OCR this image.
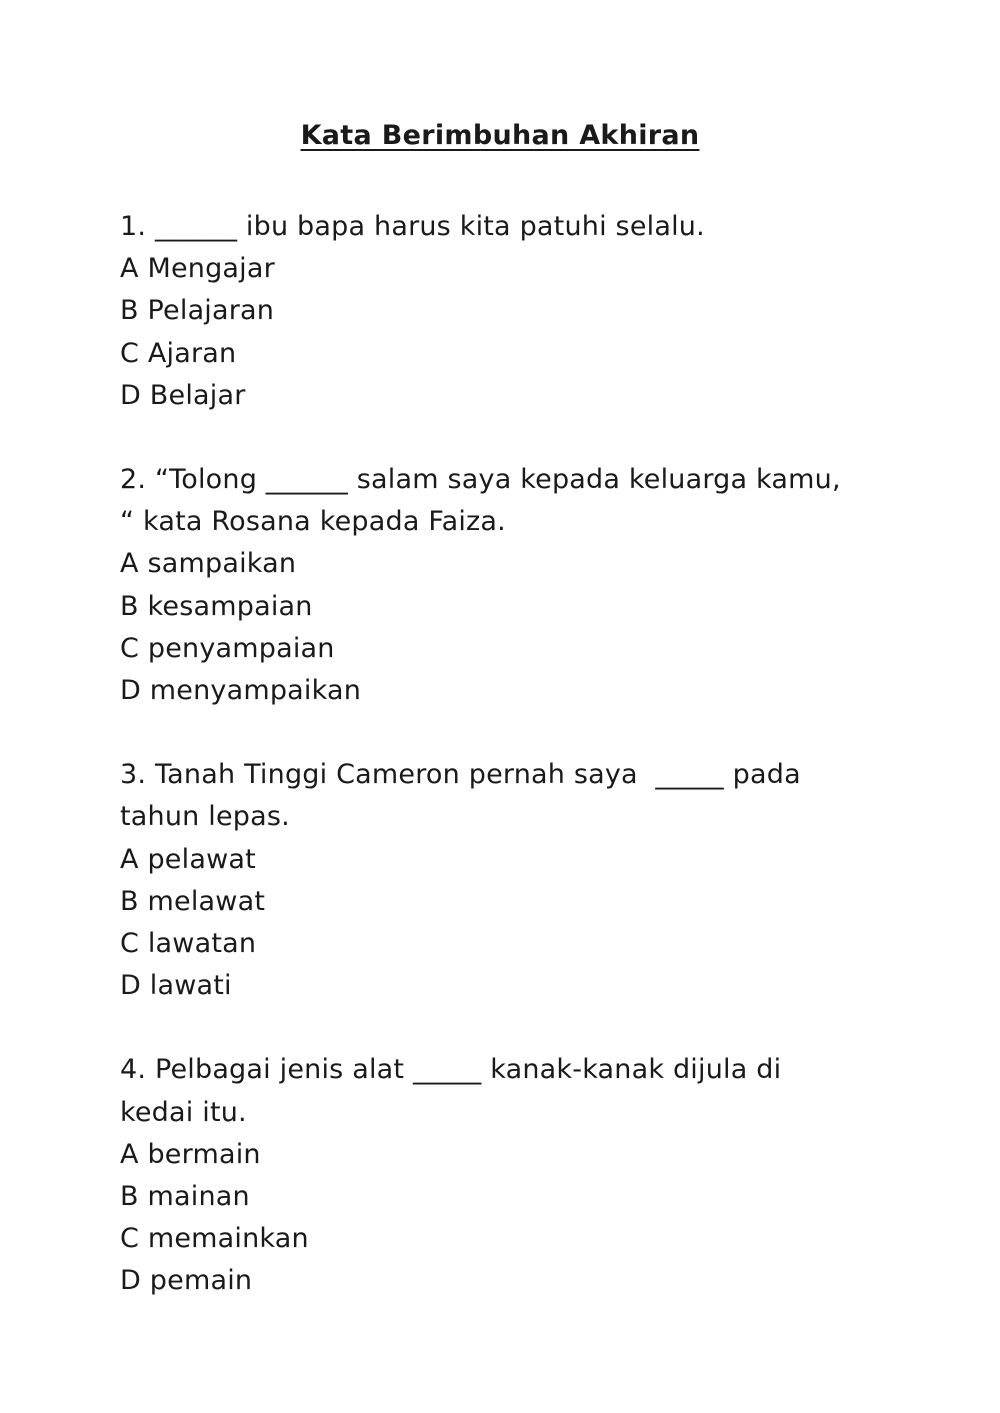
Kata Berimbuhan Akhiran
1. ______ ibu bapa harus kita patuhi selalu.
A Mengajar
B Pelajaran
C Ajaran
D Belajar
2. “Tolong ______ salam saya kepada keluarga kamu,
“ kata Rosana kepada Faiza.
A sampaikan
B kesampaian
C penyampaian
D menyampaikan
3. Tanah Tinggi Cameron pernah saya  _____ pada
tahun lepas.
A pelawat
B melawat
C lawatan
D lawati
4. Pelbagai jenis alat _____ kanak-kanak dijula di
kedai itu.
A bermain
B mainan
C memainkan
D pemain
